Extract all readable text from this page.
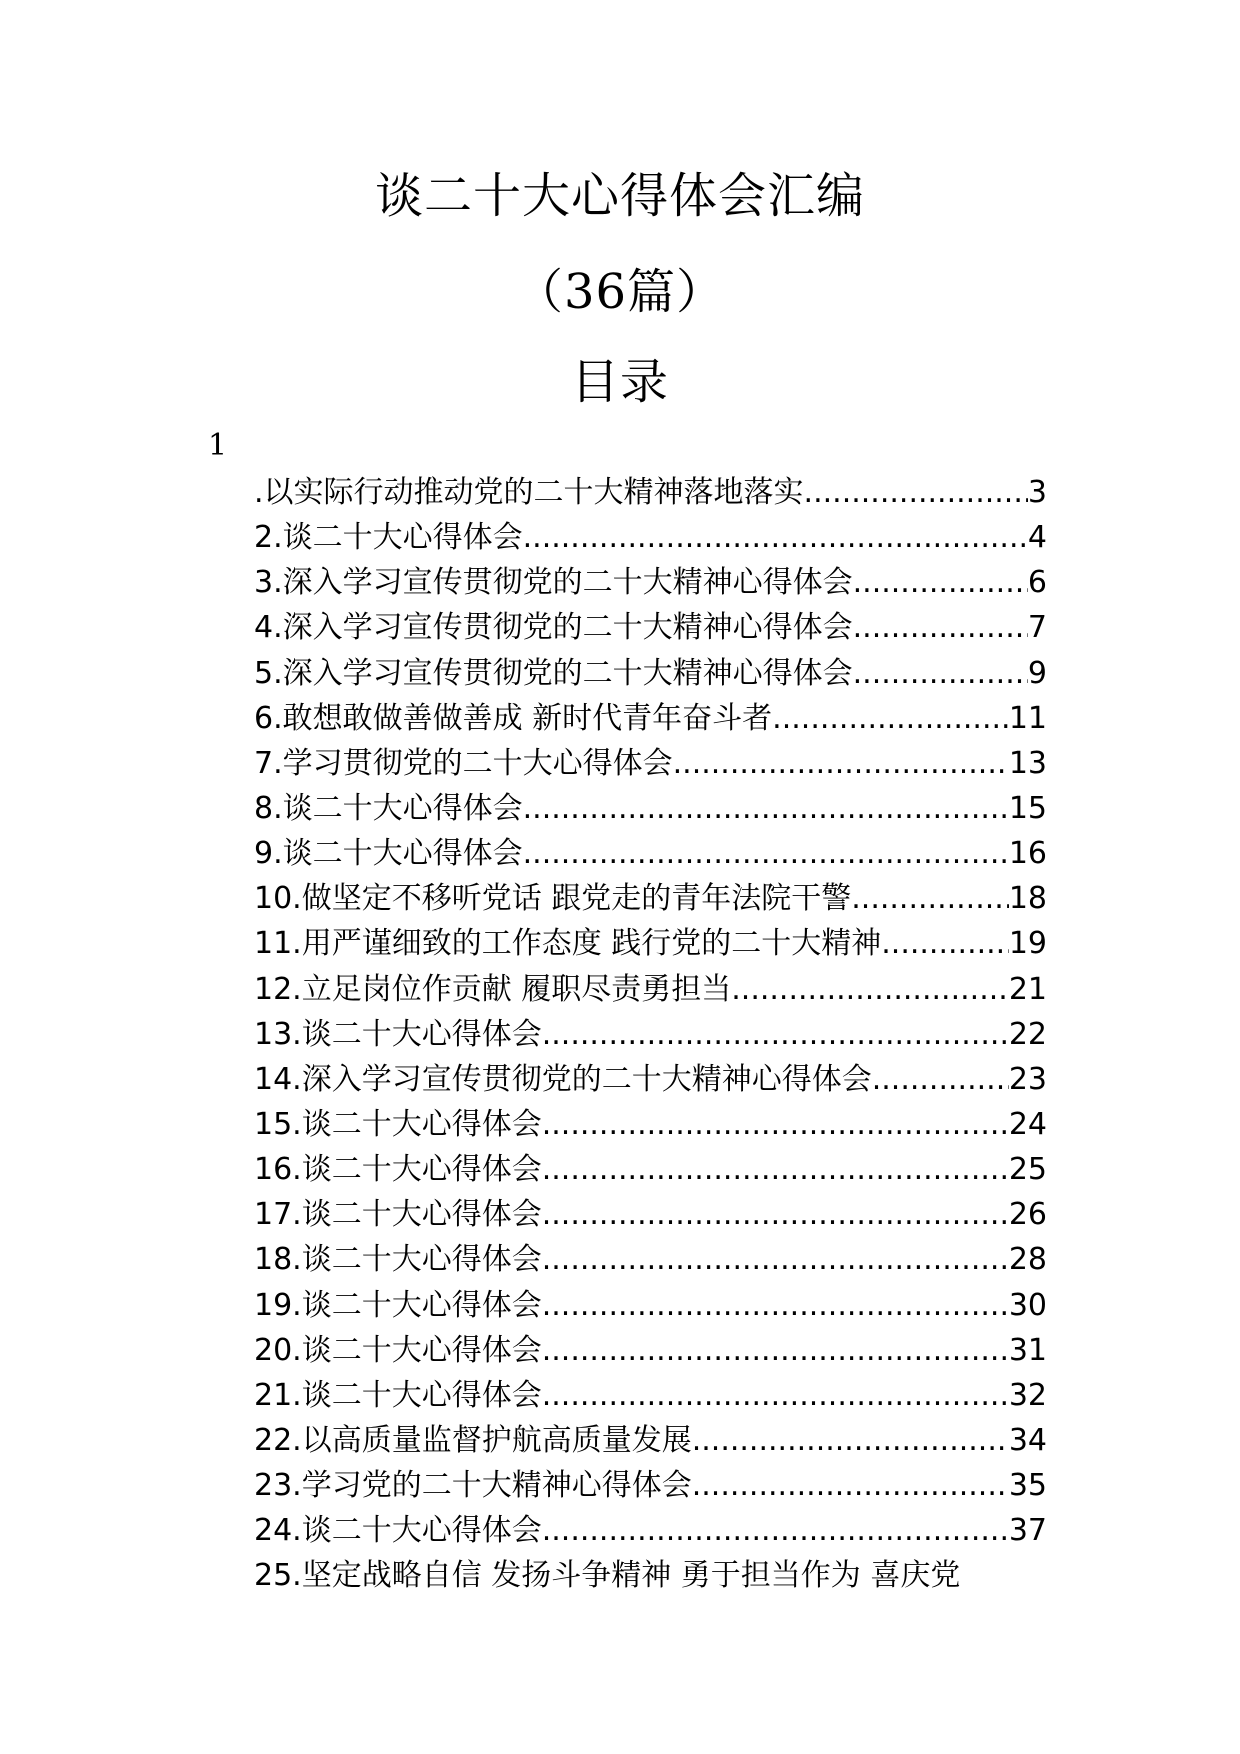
谈二十大心得体会汇编
（36篇）
目录
1
.以实际行动推动党的二十大精神落地落实 .....	3
2.谈二十大心得体会 .....	4
3.深入学习宣传贯彻党的二十大精神心得体会 .....	6
4.深入学习宣传贯彻党的二十大精神心得体会 .....	7
5.深入学习宣传贯彻党的二十大精神心得体会 .....	9
6.敢想敢做善做善成 新时代青年奋斗者 .....	11
7.学习贯彻党的二十大心得体会 .....	13
8.谈二十大心得体会 .....	15
9.谈二十大心得体会 .....	16
10.做坚定不移听党话 跟党走的青年法院干警 .....	18
11.用严谨细致的工作态度 践行党的二十大精神 .....	19
12.立足岗位作贡献 履职尽责勇担当 .....	21
13.谈二十大心得体会 .....	22
14.深入学习宣传贯彻党的二十大精神心得体会 .....	23
15.谈二十大心得体会 .....	24
16.谈二十大心得体会 .....	25
17.谈二十大心得体会 .....	26
18.谈二十大心得体会 .....	28
19.谈二十大心得体会 .....	30
20.谈二十大心得体会 .....	31
21.谈二十大心得体会 .....	32
22.以高质量监督护航高质量发展 .....	34
23.学习党的二十大精神心得体会 .....	35
24.谈二十大心得体会 .....	37
25.坚定战略自信 发扬斗争精神 勇于担当作为 喜庆党
